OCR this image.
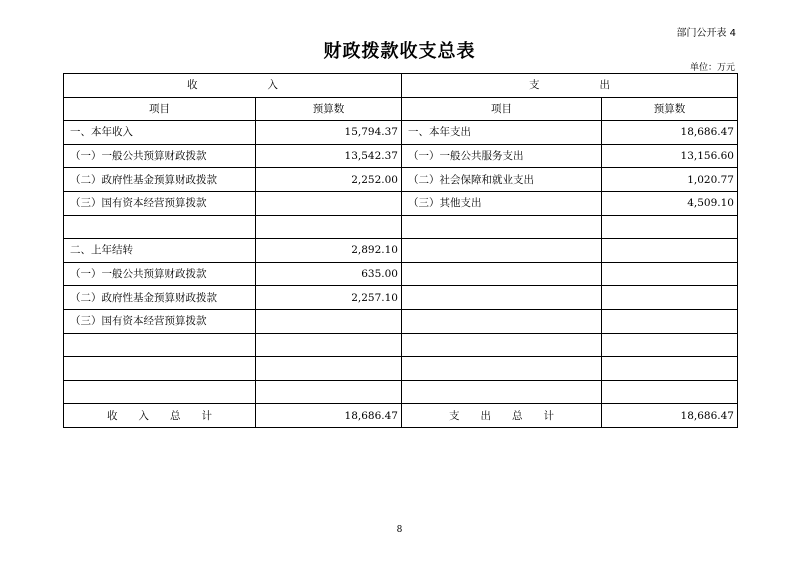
部门公开表 4
财政拨款收支总表
单位：万元
收 入		支 出	
项目	预算数	项目	预算数
一、本年收入	15,794.37	一、本年支出	18,686.47
（一）一般公共预算财政拨款	13,542.37	（一）一般公共服务支出	13,156.60
（二）政府性基金预算财政拨款	2,252.00	（二）社会保障和就业支出	1,020.77
（三）国有资本经营预算拨款		（三）其他支出	4,509.10

二、上年结转	2,892.10		
（一）一般公共预算财政拨款	635.00		
（二）政府性基金预算财政拨款	2,257.10		
（三）国有资本经营预算拨款			

收　　入　　总　　计	18,686.47	支　　出　　总　　计	18,686.47
8
